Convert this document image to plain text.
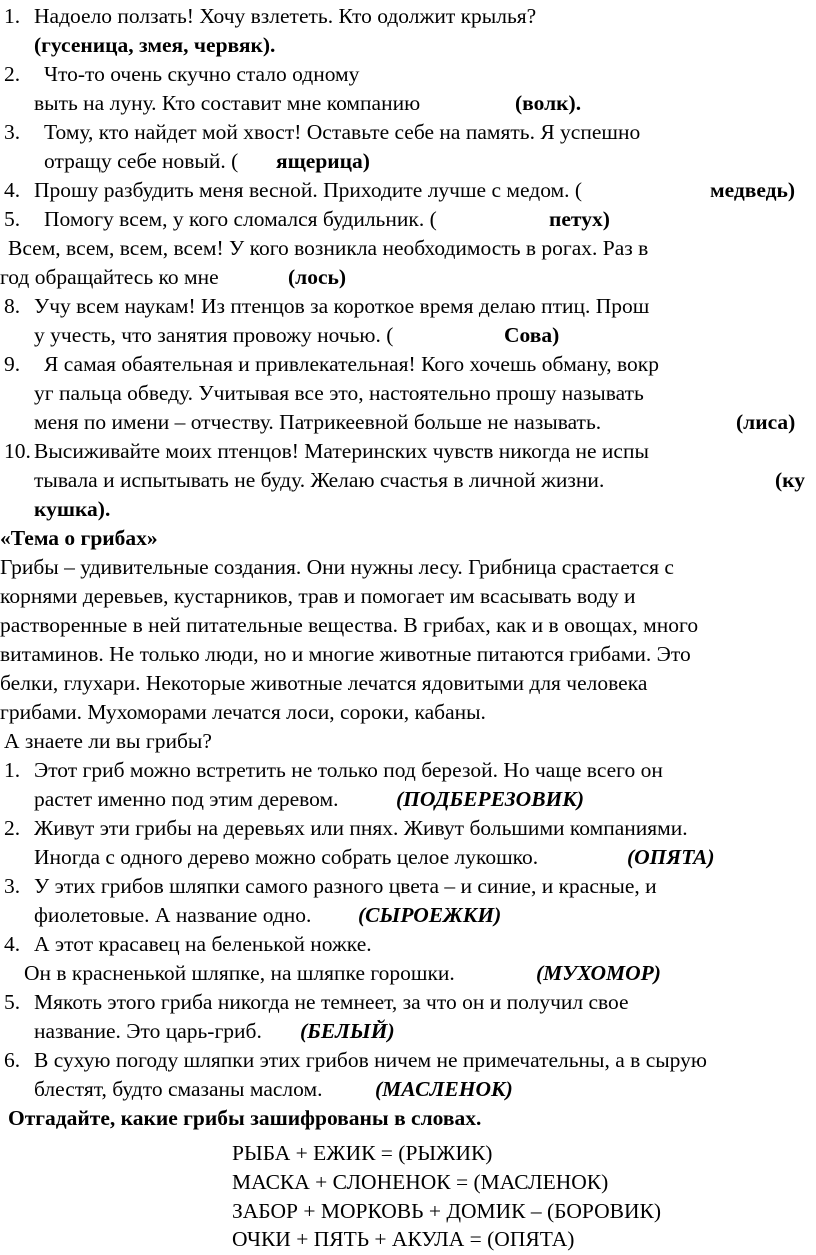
1. Надоело ползать! Хочу взлететь. Кто одолжит крылья?
(гусеница, змея, червяк).
2. Что-то очень скучно стало одному
выть на луну. Кто составит мне компанию	(волк).
3. Тому, кто найдет мой хвост! Оставьте себе на память. Я успешно
отращу себе новый. ( ящерица)
4. Прошу разбудить меня весной. Приходите лучше с медом. (	медведь)
5. Помогу всем, у кого сломался будильник. (	петух)
Всем, всем, всем, всем! У кого возникла необходимость в рогах. Раз в
год обращайтесь ко мне	(лось)
8. Учу всем наукам! Из птенцов за короткое время делаю птиц. Прош
у учесть, что занятия провожу ночью. (	Сова)
9. Я самая обаятельная и привлекательная! Кого хочешь обману, вокр
уг пальца обведу. Учитывая все это, настоятельно прошу называть
меня по имени – отчеству. Патрикеевной больше не называть.	(лиса)
10. Высиживайте моих птенцов! Материнских чувств никогда не испы
тывала и испытывать не буду. Желаю счастья в личной жизни.	(ку
кушка).
«Тема о грибах»
Грибы – удивительные создания. Они нужны лесу. Грибница срастается с
корнями деревьев, кустарников, трав и помогает им всасывать воду и
растворенные в ней питательные вещества. В грибах, как и в овощах, много
витаминов. Не только люди, но и многие животные питаются грибами. Это
белки, глухари. Некоторые животные лечатся ядовитыми для человека
грибами. Мухоморами лечатся лоси, сороки, кабаны.
А знаете ли вы грибы?
1. Этот гриб можно встретить не только под березой. Но чаще всего он
растет именно под этим деревом.	(ПОДБЕРЕЗОВИК)
2. Живут эти грибы на деревьях или пнях. Живут большими компаниями.
Иногда с одного дерево можно собрать целое лукошко.	(ОПЯТА)
3. У этих грибов шляпки самого разного цвета – и синие, и красные, и
фиолетовые. А название одно. (СЫРОЕЖКИ)
4. А этот красавец на беленькой ножке.
Он в красненькой шляпке, на шляпке горошки.	(МУХОМОР)
5. Мякоть этого гриба никогда не темнеет, за что он и получил свое
название. Это царь-гриб. (БЕЛЫЙ)
6. В сухую погоду шляпки этих грибов ничем не примечательны, а в сырую
блестят, будто смазаны маслом. (МАСЛЕНОК)
Отгадайте, какие грибы зашифрованы в словах.
РЫБА + ЕЖИК = (РЫЖИК)
МАСКА + СЛОНЕНОК = (МАСЛЕНОК)
ЗАБОР + МОРКОВЬ + ДОМИК – (БОРОВИК)
ОЧКИ + ПЯТЬ + АКУЛА = (ОПЯТА)
